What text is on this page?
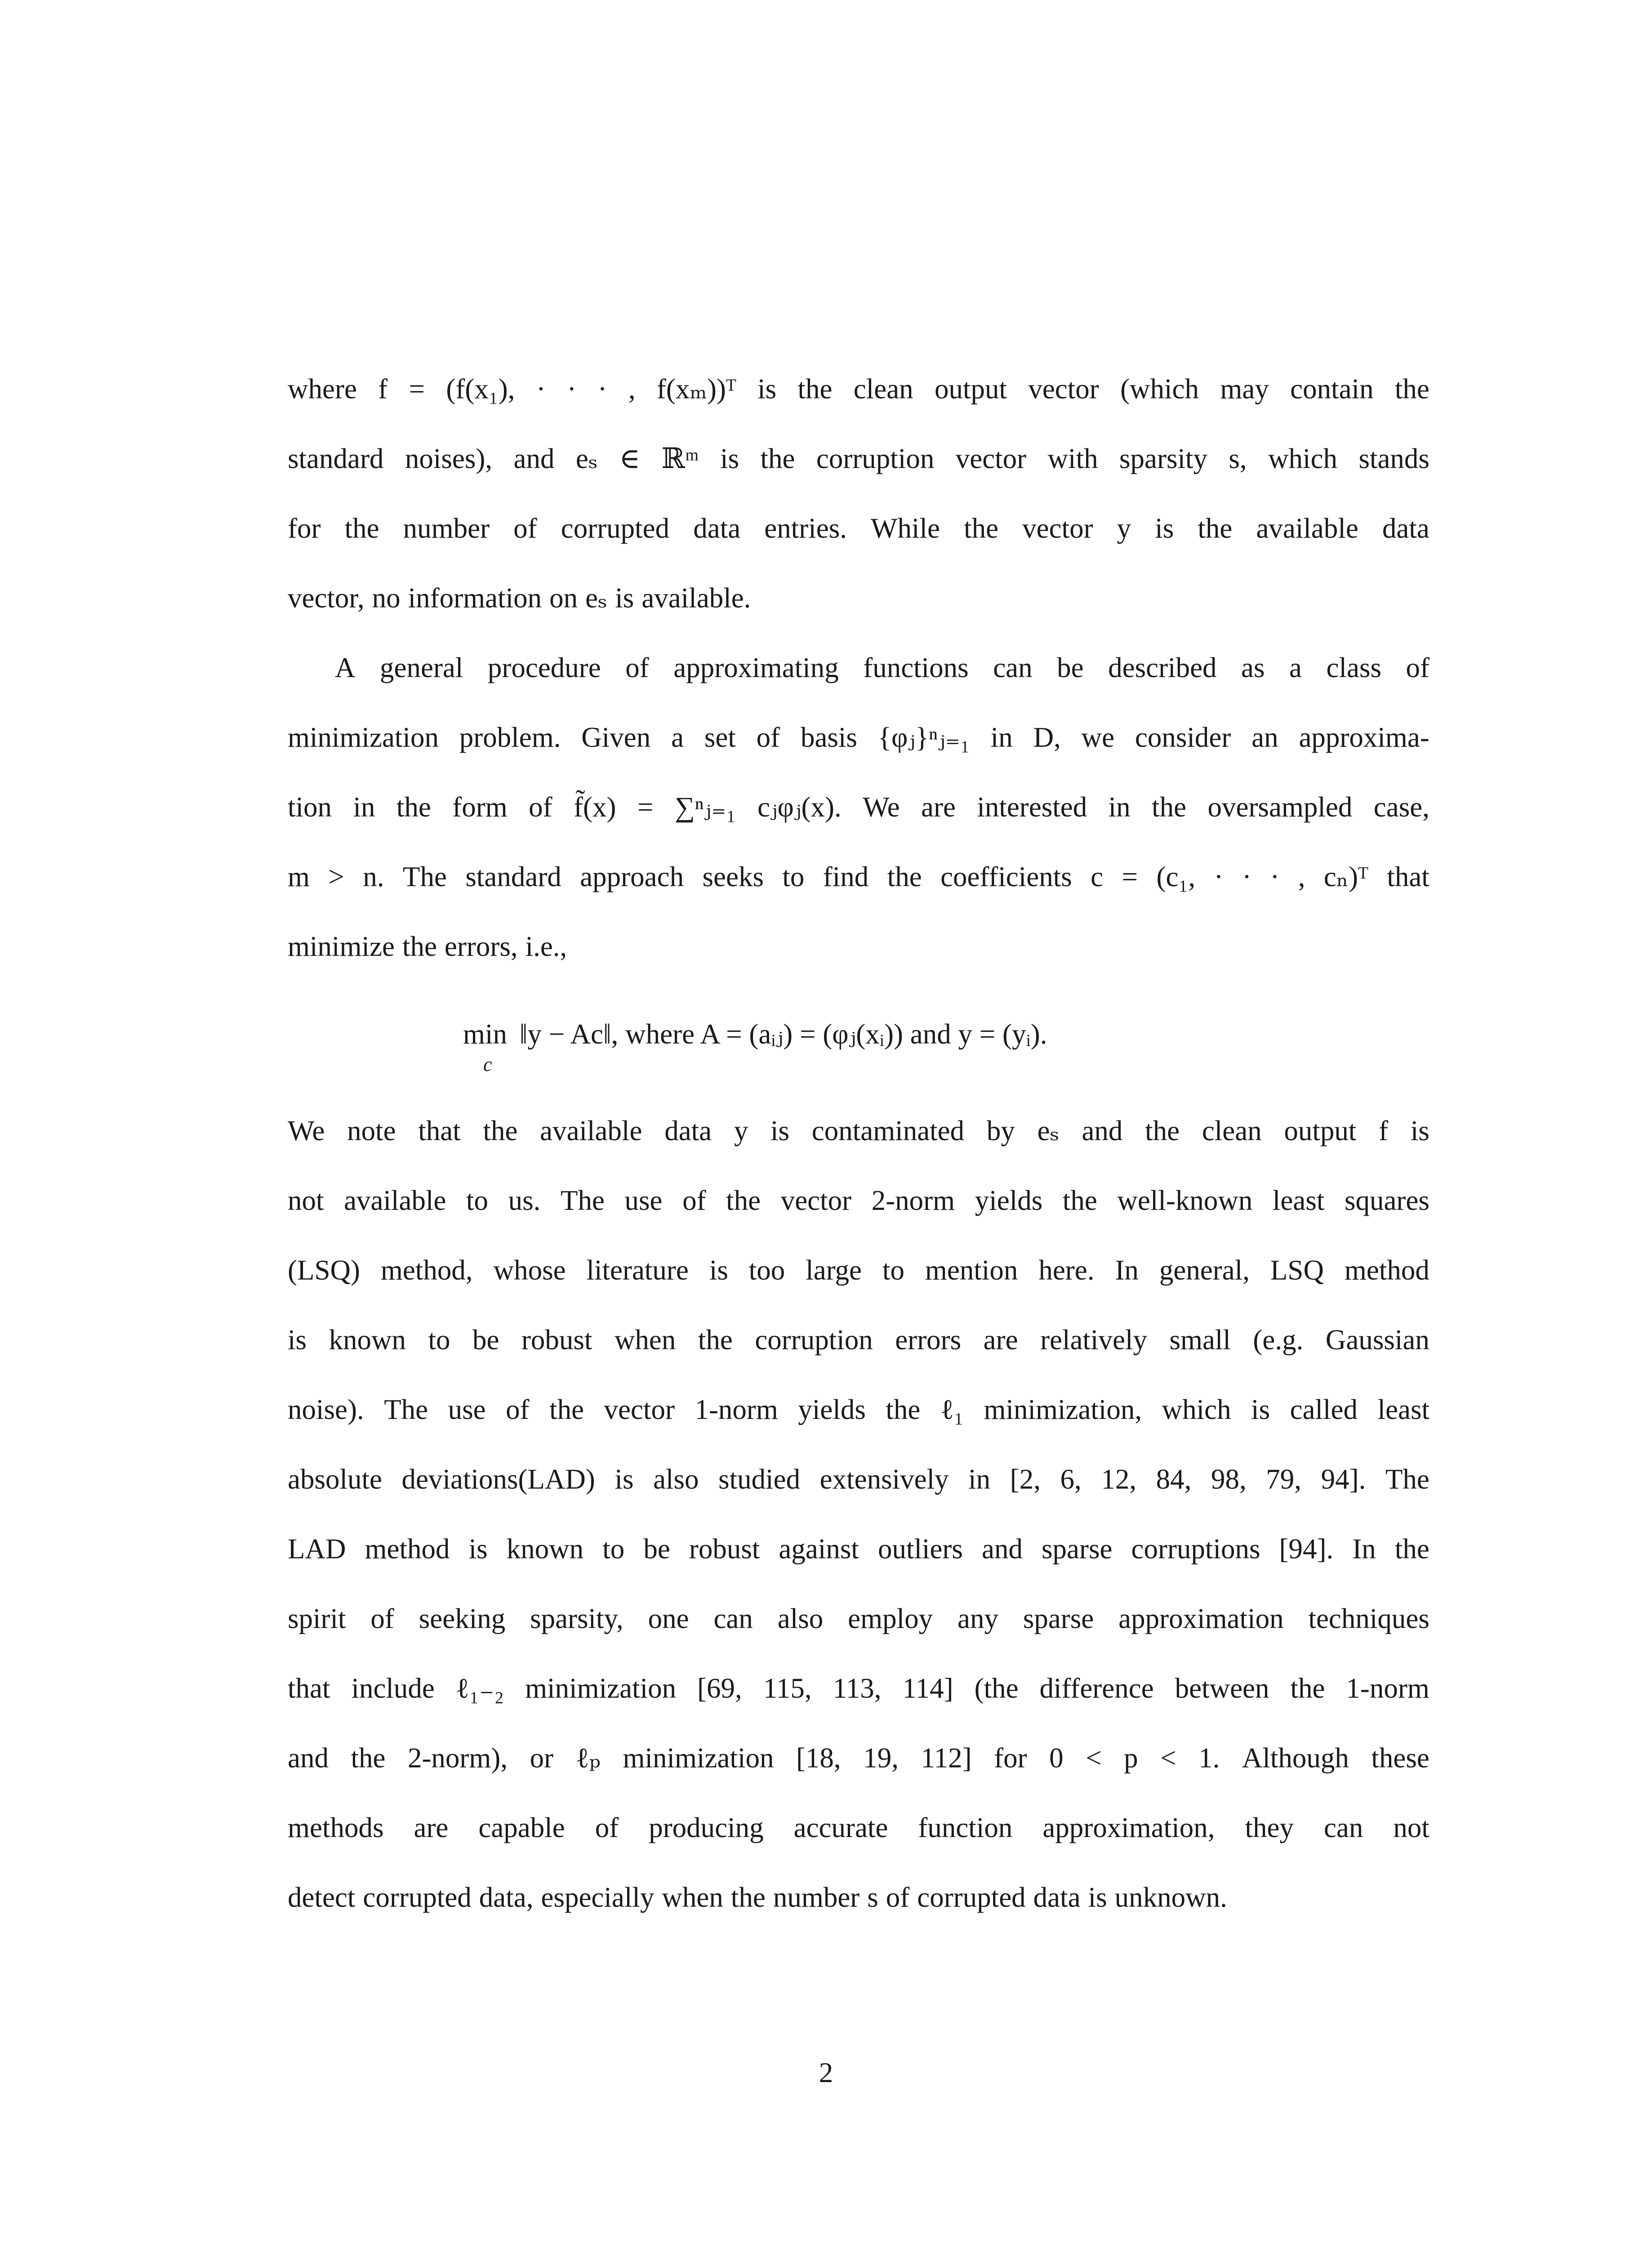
where f = (f(x₁), · · · , f(xₘ))ᵀ is the clean output vector (which may contain the
standard noises), and eₛ ∈ ℝᵐ is the corruption vector with sparsity s, which stands
for the number of corrupted data entries. While the vector y is the available data
vector, no information on eₛ is available.
A general procedure of approximating functions can be described as a class of
minimization problem. Given a set of basis {φⱼ}ⁿⱼ₌₁ in D, we consider an approxima-
tion in the form of f̃(x) = ∑ⁿⱼ₌₁ cⱼφⱼ(x). We are interested in the oversampled case,
m > n. The standard approach seeks to find the coefficients c = (c₁, · · · , cₙ)ᵀ that
minimize the errors, i.e.,
min
c
‖y − Ac‖, where A = (aᵢⱼ) = (φⱼ(xᵢ)) and y = (yᵢ).
We note that the available data y is contaminated by eₛ and the clean output f is
not available to us. The use of the vector 2-norm yields the well-known least squares
(LSQ) method, whose literature is too large to mention here. In general, LSQ method
is known to be robust when the corruption errors are relatively small (e.g. Gaussian
noise). The use of the vector 1-norm yields the ℓ₁ minimization, which is called least
absolute deviations(LAD) is also studied extensively in [2, 6, 12, 84, 98, 79, 94]. The
LAD method is known to be robust against outliers and sparse corruptions [94]. In the
spirit of seeking sparsity, one can also employ any sparse approximation techniques
that include ℓ₁₋₂ minimization [69, 115, 113, 114] (the difference between the 1-norm
and the 2-norm), or ℓₚ minimization [18, 19, 112] for 0 < p < 1. Although these
methods are capable of producing accurate function approximation, they can not
detect corrupted data, especially when the number s of corrupted data is unknown.
2
